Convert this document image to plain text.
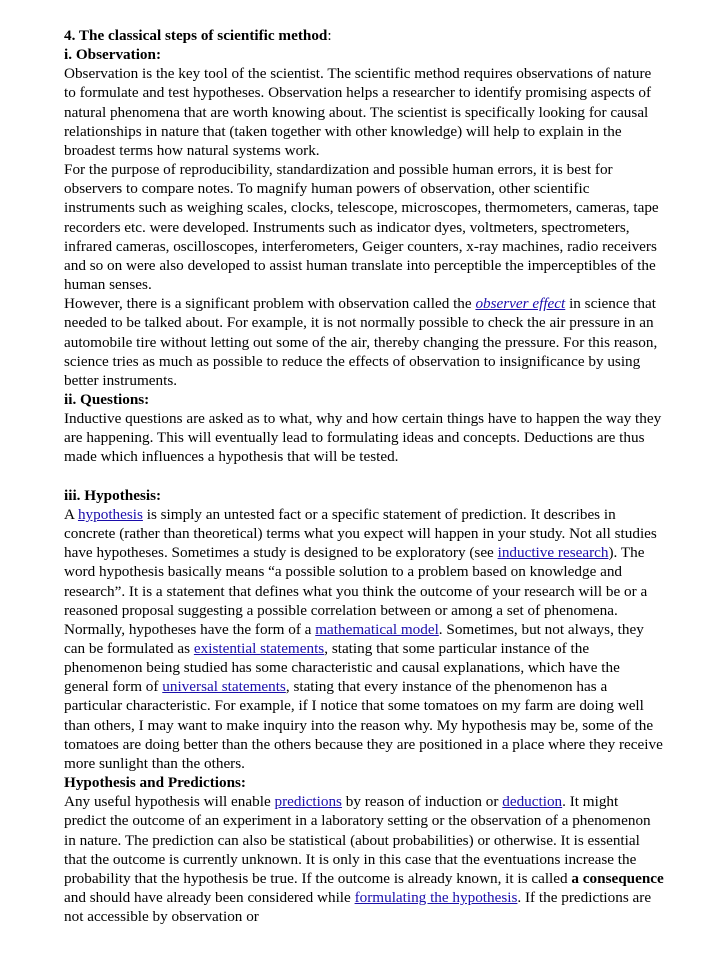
4. The classical steps of scientific method:
i. Observation:

Observation is the key tool of the scientist. The scientific method requires observations of nature to formulate and test hypotheses. Observation helps a researcher to identify promising aspects of natural phenomena that are worth knowing about. The scientist is specifically looking for causal relationships in nature that (taken together with other knowledge) will help to explain in the broadest terms how natural systems work.

For the purpose of reproducibility, standardization and possible human errors, it is best for observers to compare notes. To magnify human powers of observation, other scientific instruments such as weighing scales, clocks, telescope, microscopes, thermometers, cameras, tape recorders etc. were developed. Instruments such as indicator dyes, voltmeters, spectrometers, infrared cameras, oscilloscopes, interferometers, Geiger counters, x-ray machines, radio receivers and so on were also developed to assist human translate into perceptible the imperceptibles of the human senses.

However, there is a significant problem with observation called the observer effect in science that needed to be talked about. For example, it is not normally possible to check the air pressure in an automobile tire without letting out some of the air, thereby changing the pressure. For this reason, science tries as much as possible to reduce the effects of observation to insignificance by using better instruments.

ii. Questions:

Inductive questions are asked as to what, why and how certain things have to happen the way they are happening. This will eventually lead to formulating ideas and concepts. Deductions are thus made which influences a hypothesis that will be tested.

iii. Hypothesis:

A hypothesis is simply an untested fact or a specific statement of prediction. It describes in concrete (rather than theoretical) terms what you expect will happen in your study. Not all studies have hypotheses. Sometimes a study is designed to be exploratory (see inductive research). The word hypothesis basically means “a possible solution to a problem based on knowledge and research”. It is a statement that defines what you think the outcome of your research will be or a reasoned proposal suggesting a possible correlation between or among a set of phenomena. Normally, hypotheses have the form of a mathematical model. Sometimes, but not always, they can be formulated as existential statements, stating that some particular instance of the phenomenon being studied has some characteristic and causal explanations, which have the general form of universal statements, stating that every instance of the phenomenon has a particular characteristic. For example, if I notice that some tomatoes on my farm are doing well than others, I may want to make inquiry into the reason why. My hypothesis may be, some of the tomatoes are doing better than the others because they are positioned in a place where they receive more sunlight than the others.

Hypothesis and Predictions:

Any useful hypothesis will enable predictions by reason of induction or deduction. It might predict the outcome of an experiment in a laboratory setting or the observation of a phenomenon in nature. The prediction can also be statistical (about probabilities) or otherwise. It is essential that the outcome is currently unknown. It is only in this case that the eventuations increase the probability that the hypothesis be true. If the outcome is already known, it is called a consequence and should have already been considered while formulating the hypothesis. If the predictions are not accessible by observation or
